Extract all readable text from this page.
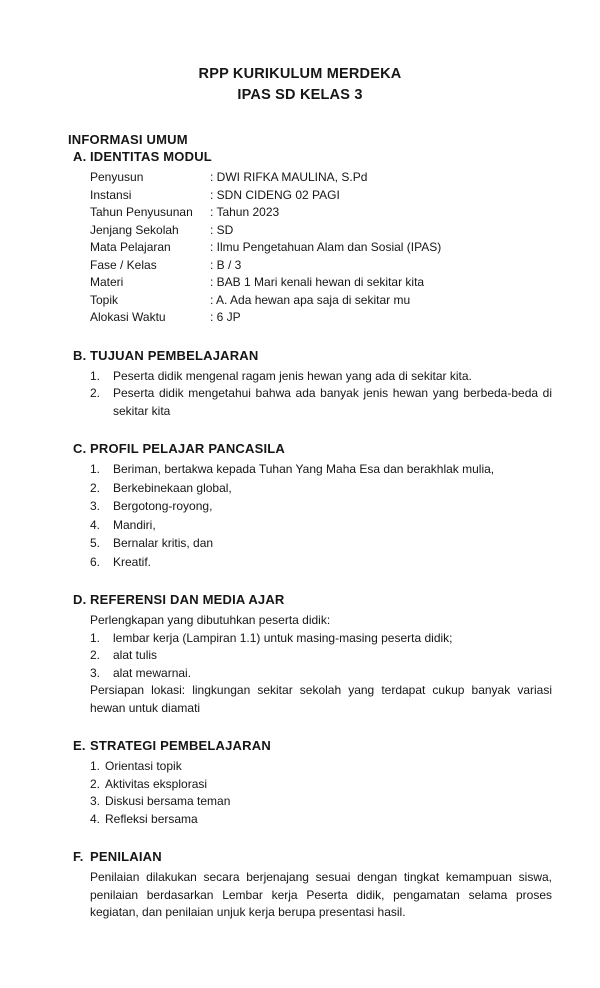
RPP KURIKULUM MERDEKA
IPAS SD KELAS 3
INFORMASI UMUM
A. IDENTITAS MODUL
Penyusun	: DWI RIFKA MAULINA, S.Pd
Instansi	: SDN CIDENG 02 PAGI
Tahun Penyusunan	: Tahun 2023
Jenjang Sekolah	: SD
Mata Pelajaran	: Ilmu Pengetahuan Alam dan Sosial (IPAS)
Fase / Kelas	: B / 3
Materi	: BAB 1 Mari kenali hewan di sekitar kita
Topik	: A. Ada hewan apa saja di sekitar mu
Alokasi Waktu	: 6 JP
B. TUJUAN PEMBELAJARAN
1.	Peserta didik mengenal ragam jenis hewan yang ada di sekitar kita.
2.	Peserta didik mengetahui bahwa ada banyak jenis hewan yang berbeda-beda di sekitar kita
C. PROFIL PELAJAR PANCASILA
1.	Beriman, bertakwa kepada Tuhan Yang Maha Esa dan berakhlak mulia,
2.	Berkebinekaan global,
3.	Bergotong-royong,
4.	Mandiri,
5.	Bernalar kritis, dan
6.	Kreatif.
D. REFERENSI DAN MEDIA AJAR

Perlengkapan yang dibutuhkan peserta didik:

1.	lembar kerja (Lampiran 1.1) untuk masing-masing peserta didik;
2.	alat tulis
3.	alat mewarnai.

Persiapan lokasi: lingkungan sekitar sekolah yang terdapat cukup banyak variasi hewan untuk diamati

E. STRATEGI PEMBELAJARAN
1. Orientasi topik
2. Aktivitas eksplorasi
3. Diskusi bersama teman
4. Refleksi bersama
F. PENILAIAN

Penilaian dilakukan secara berjenajang sesuai dengan tingkat kemampuan siswa, penilaian berdasarkan Lembar kerja Peserta didik, pengamatan selama proses kegiatan, dan penilaian unjuk kerja berupa presentasi hasil.
